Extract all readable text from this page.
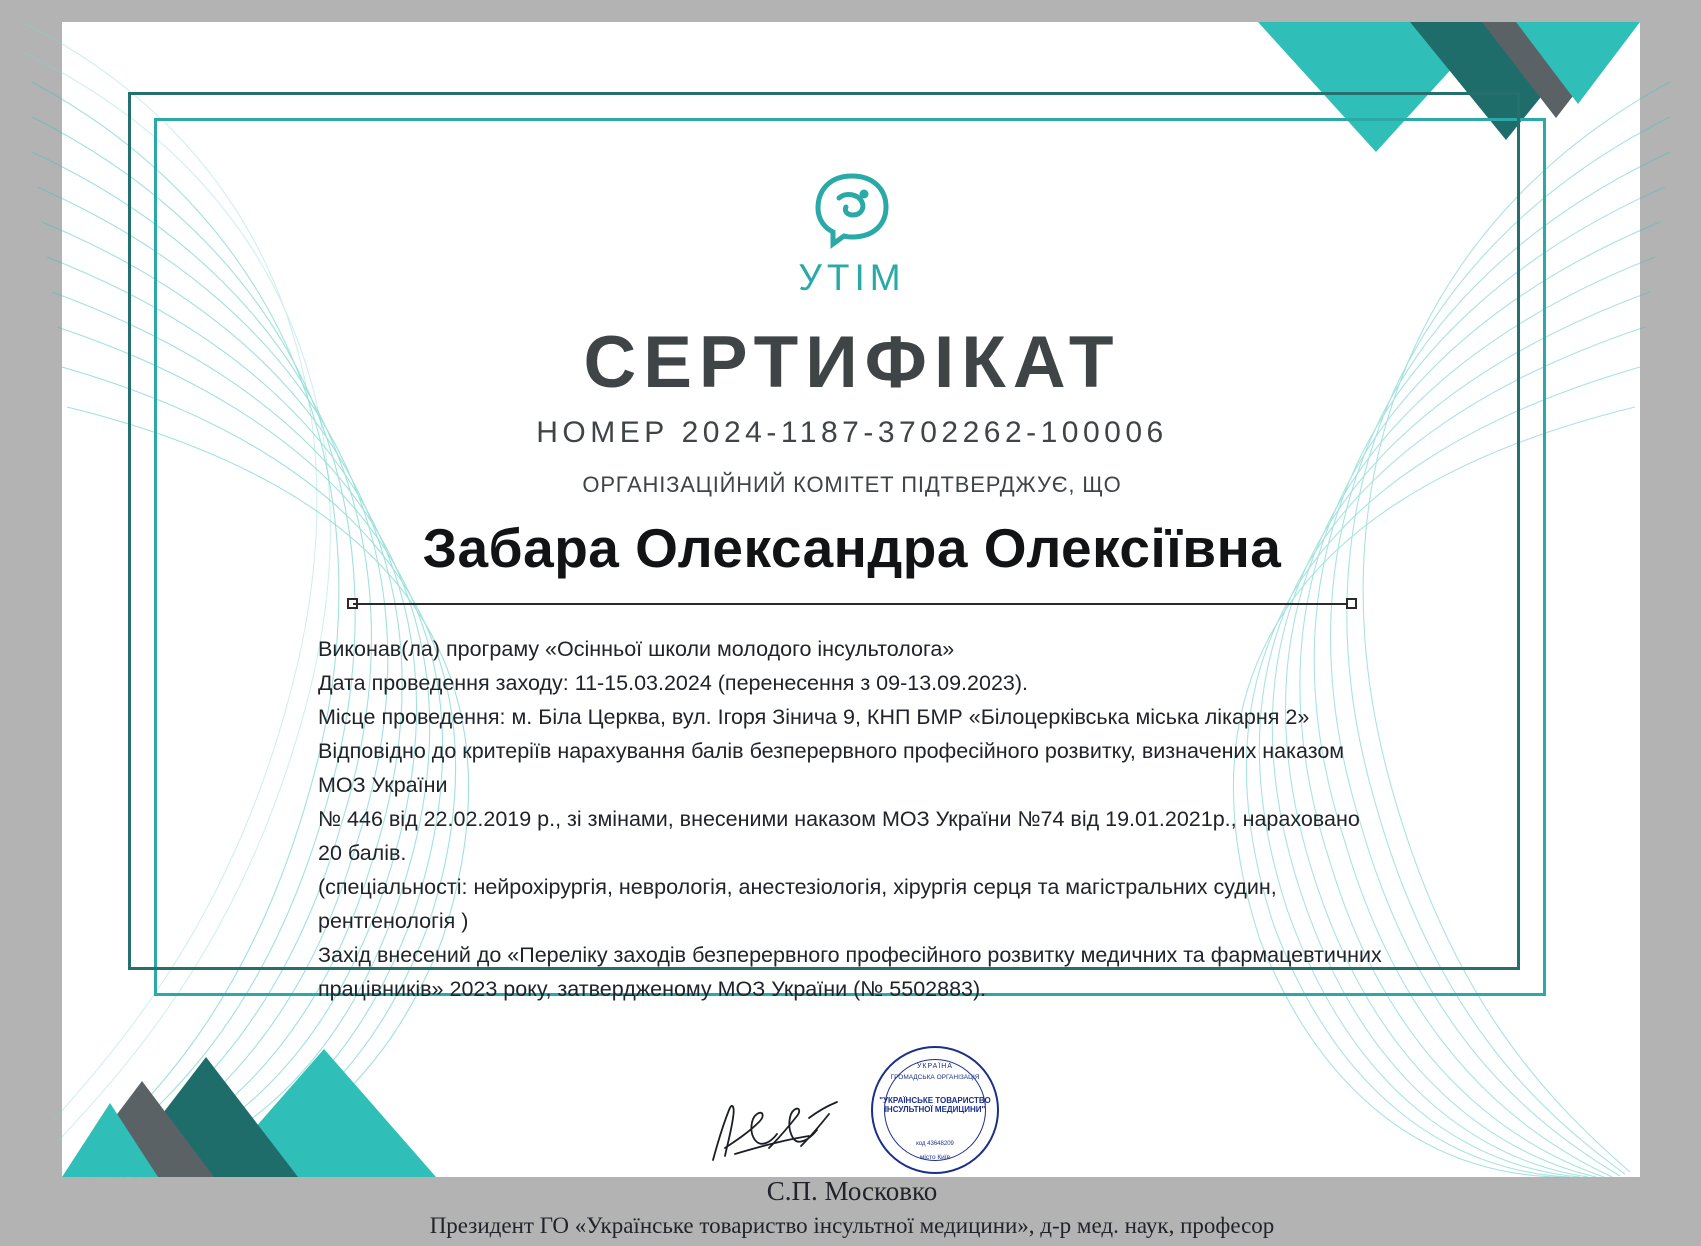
УТІМ
СЕРТИФІКАТ
НОМЕР 2024-1187-3702262-100006
ОРГАНІЗАЦІЙНИЙ КОМІТЕТ ПІДТВЕРДЖУЄ, ЩО
Забара Олександра Олексіївна

Виконав(ла) програму «Осінньої школи молодого інсультолога»

Дата проведення заходу: 11-15.03.2024 (перенесення з 09-13.09.2023).

Місце проведення: м. Біла Церква, вул. Ігоря Зінича 9, КНП БМР «Білоцерківська міська лікарня 2»

Відповідно до критеріїв нарахування балів безперервного професійного розвитку, визначених наказом МОЗ України

№ 446 від 22.02.2019 р., зі змінами, внесеними наказом МОЗ України №74 від 19.01.2021р., нараховано 20 балів.

(спеціальності: нейрохірургія, неврологія, анестезіологія, хірургія серця та магістральних судин, рентгенологія )

Захід внесений до «Переліку заходів безперервного професійного розвитку медичних та фармацевтичних

працівників» 2023 року, затвердженому МОЗ України (№ 5502883).

УКРАЇНА
ГРОМАДСЬКА ОРГАНІЗАЦІЯ
"УКРАЇНСЬКЕ ТОВАРИСТВО ІНСУЛЬТНОЇ МЕДИЦИНИ"
код 43648209
місто Київ
С.П. Московко
Президент ГО «Українське товариство інсультної медицини», д-р мед. наук, професор
